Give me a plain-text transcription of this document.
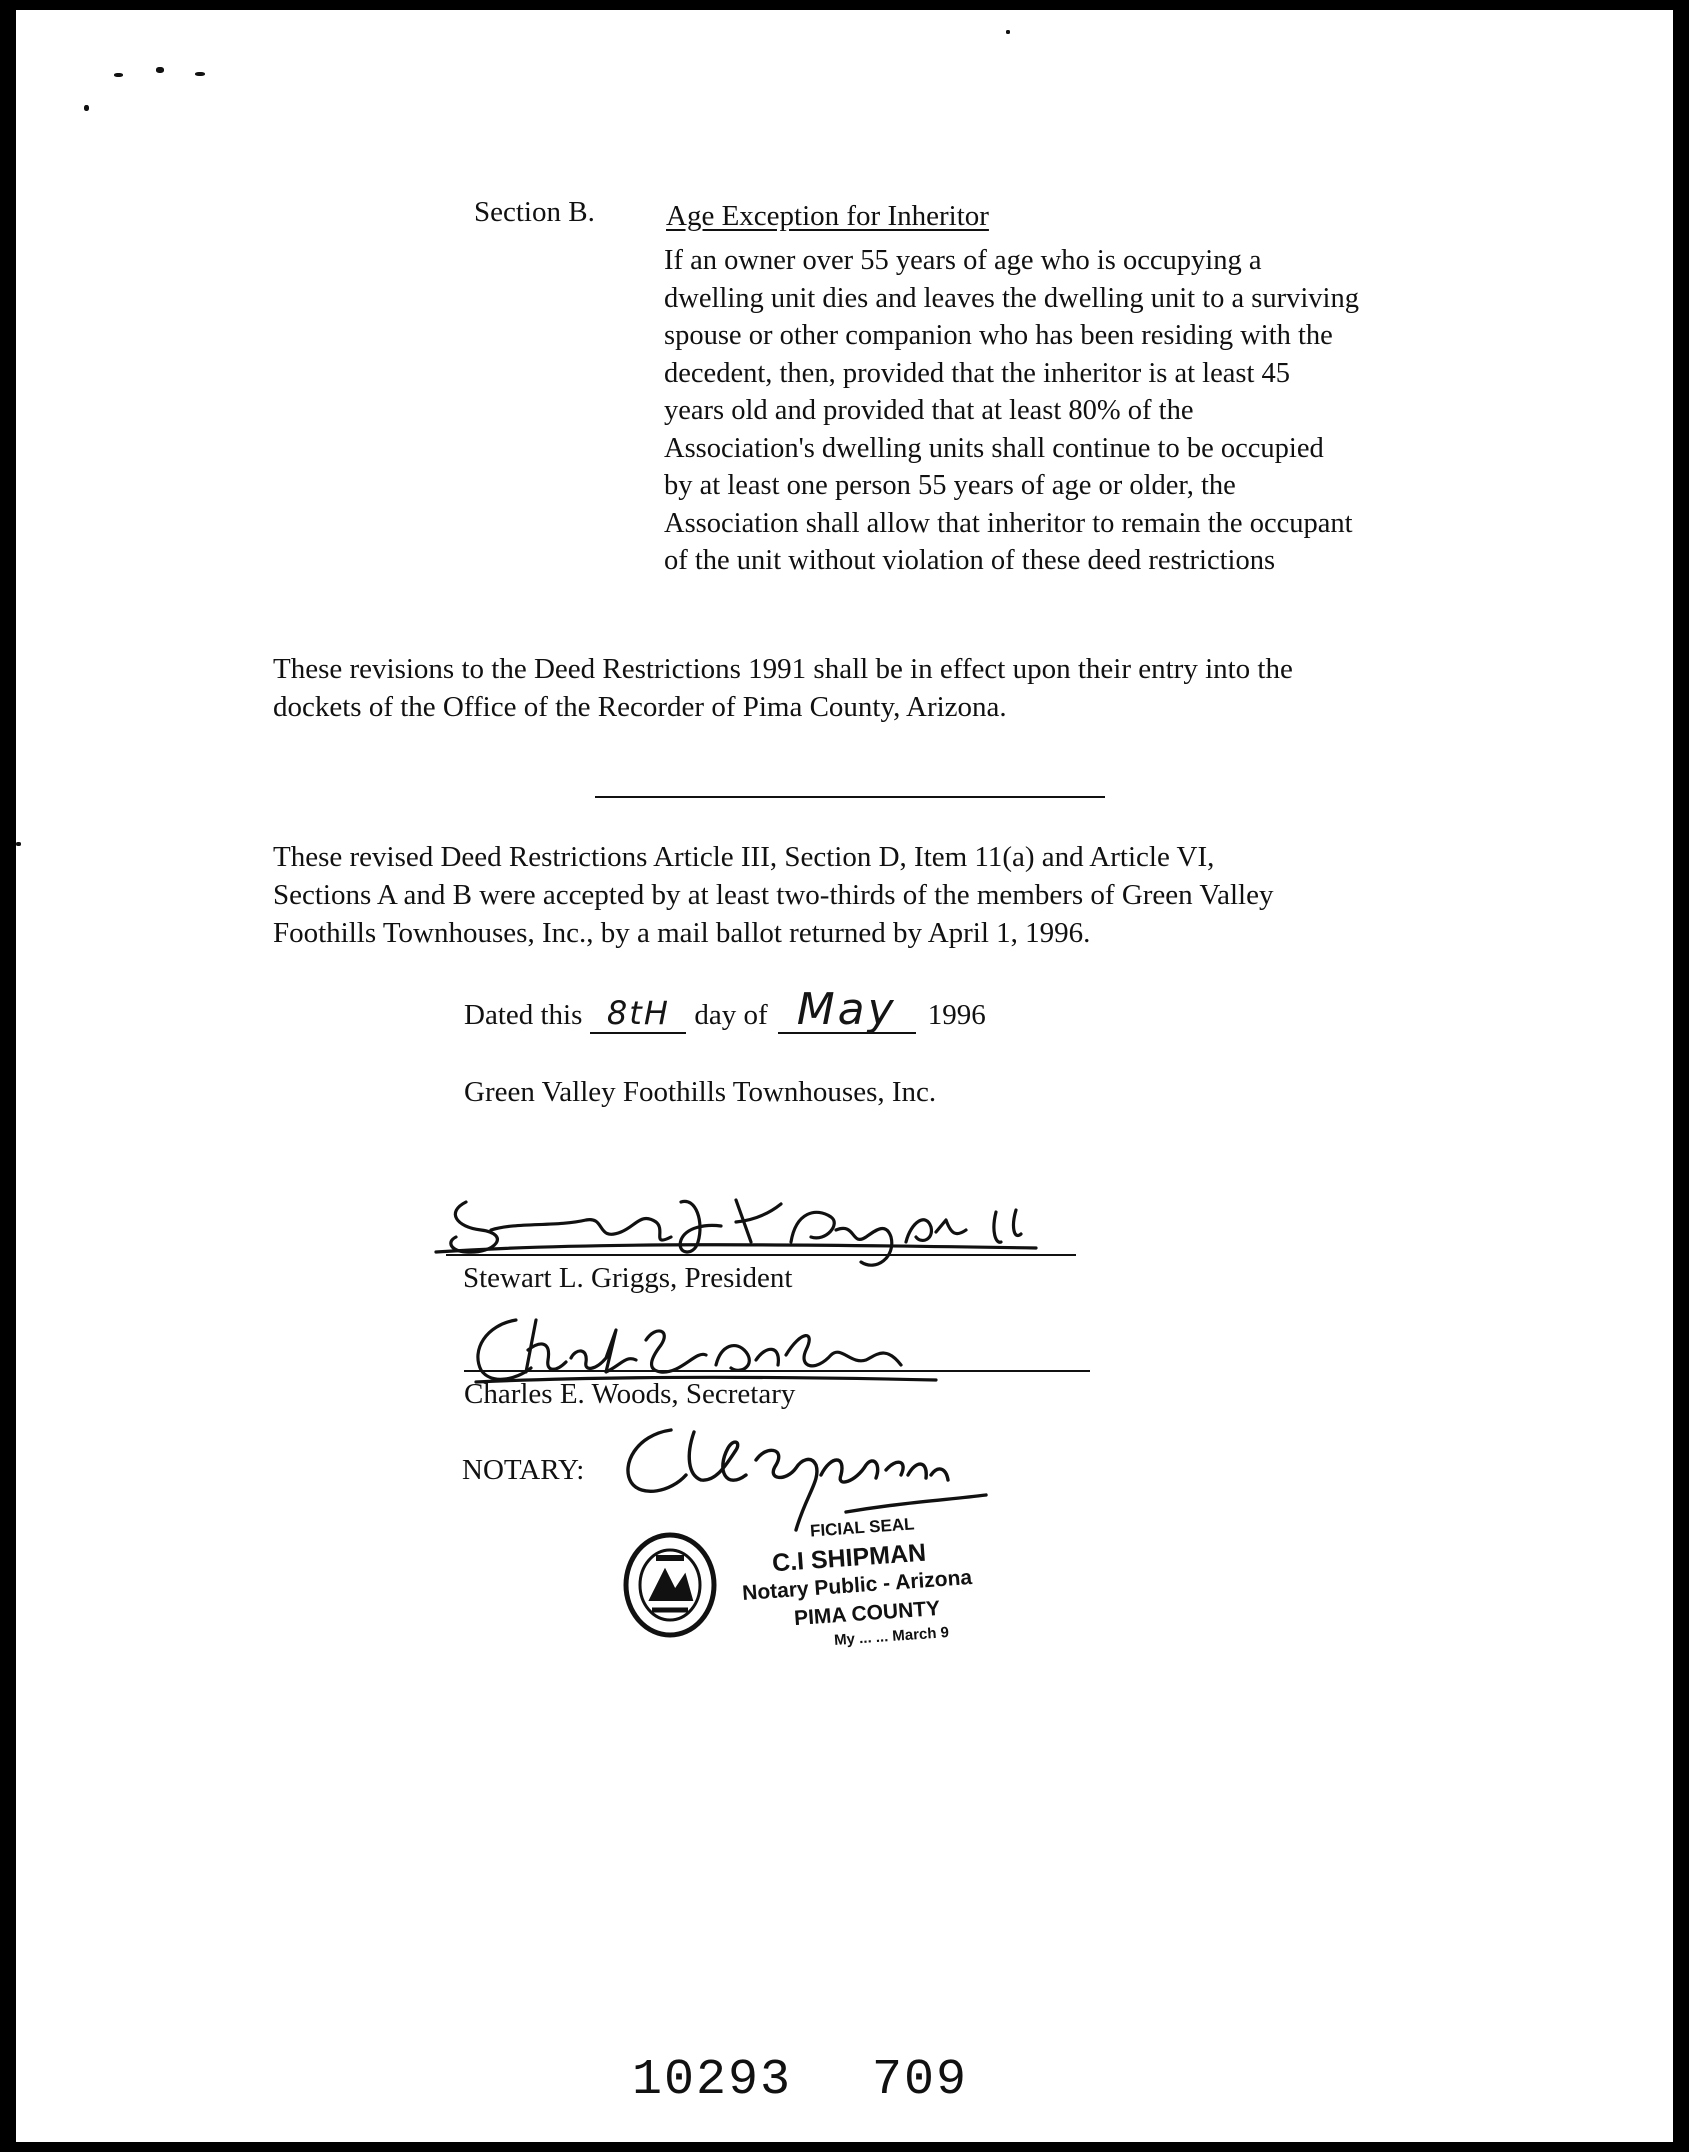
Section B. Age Exception for Inheritor
If an owner over 55 years of age who is occupying a
dwelling unit dies and leaves the dwelling unit to a surviving
spouse or other companion who has been residing with the
decedent, then, provided that the inheritor is at least 45
years old and provided that at least 80% of the
Association's dwelling units shall continue to be occupied
by at least one person 55 years of age or older, the
Association shall allow that inheritor to remain the occupant
of the unit without violation of these deed restrictions
These revisions to the Deed Restrictions 1991 shall be in effect upon their entry into the
dockets of the Office of the Recorder of Pima County, Arizona.
These revised Deed Restrictions Article III, Section D, Item 11(a) and Article VI,
Sections A and B were accepted by at least two-thirds of the members of Green Valley
Foothills Townhouses, Inc., by a mail ballot returned by April 1, 1996.
Dated this 8tH day of May 1996
Green Valley Foothills Townhouses, Inc.
Stewart L. Griggs, President
Charles E. Woods, Secretary
NOTARY:
FICIAL SEAL
C.I SHIPMAN
Notary Public - Arizona
PIMA COUNTY
My ... ... March 9
10293 709
